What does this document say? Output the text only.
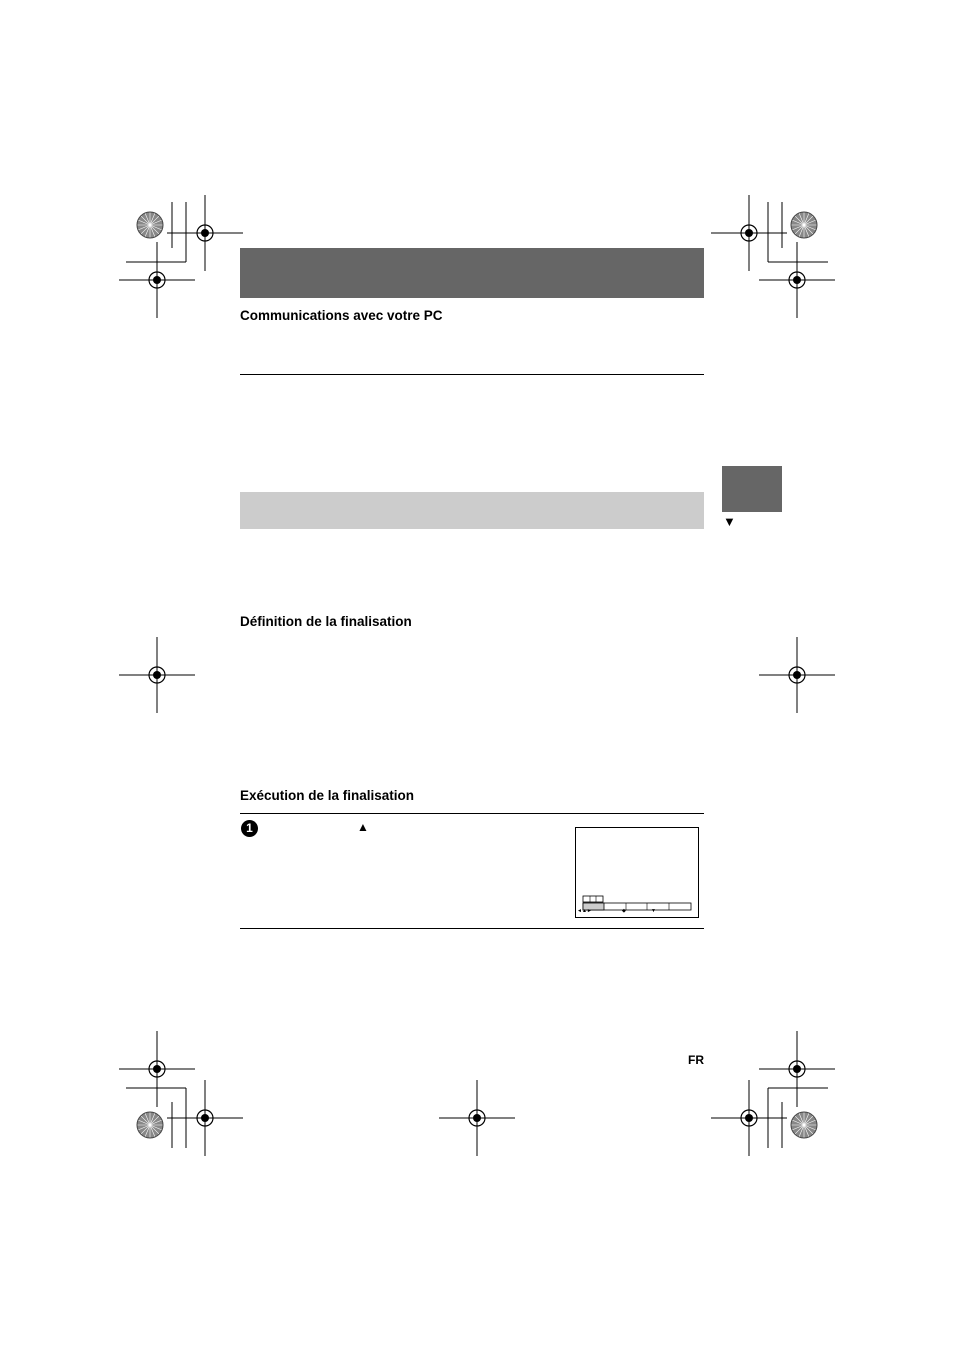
Communications avec votre PC
▼
Définition de la finalisation
Exécution de la finalisation
1	▲
◄▲►	◆	▼
FR
